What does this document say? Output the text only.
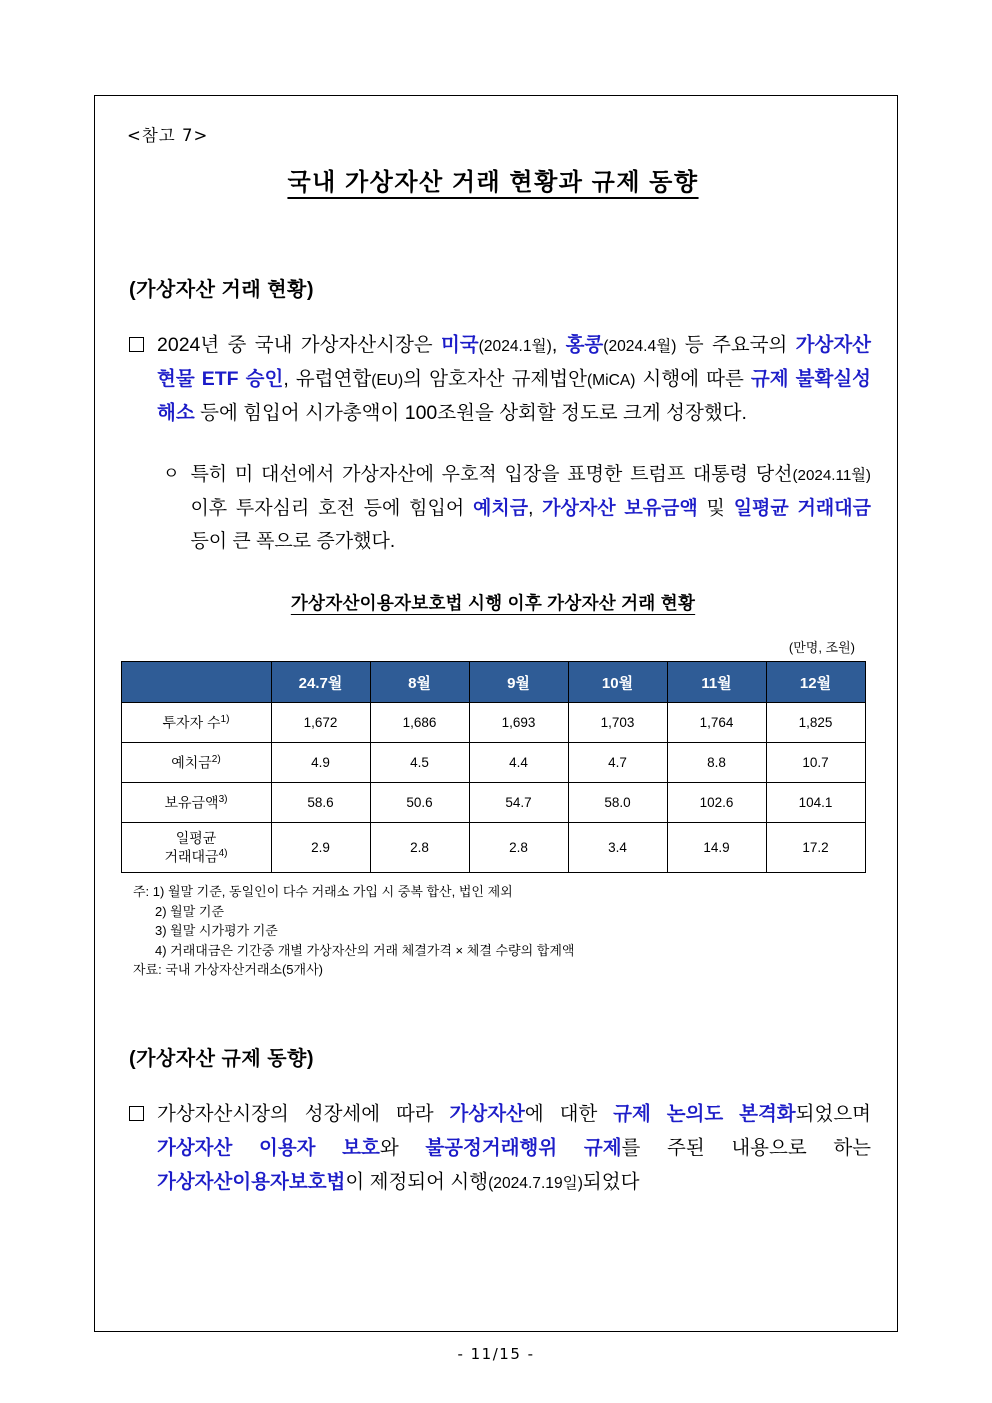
<참고 7>
국내 가상자산 거래 현황과 규제 동향
(가상자산 거래 현황)
2024년 중 국내 가상자산시장은 미국(2024.1월), 홍콩(2024.4월) 등 주요국의 가상자산 현물 ETF 승인, 유럽연합(EU)의 암호자산 규제법안(MiCA) 시행에 따른 규제 불확실성 해소 등에 힘입어 시가총액이 100조원을 상회할 정도로 크게 성장했다.
ㅇ 특히 미 대선에서 가상자산에 우호적 입장을 표명한 트럼프 대통령 당선(2024.11월) 이후 투자심리 호전 등에 힘입어 예치금, 가상자산 보유금액 및 일평균 거래대금 등이 큰 폭으로 증가했다.
가상자산이용자보호법 시행 이후 가상자산 거래 현황
(만명, 조원)
	24.7월	8월	9월	10월	11월	12월
투자자 수$^{1)}$	1,672	1,686	1,693	1,703	1,764	1,825
예치금$^{2)}$	4.9	4.5	4.4	4.7	8.8	10.7
보유금액$^{3)}$	58.6	50.6	54.7	58.0	102.6	104.1
일평균
거래대금$^{4)}$	2.9	2.8	2.8	3.4	14.9	17.2
주: 1) 월말 기준, 동일인이 다수 거래소 가입 시 중복 합산, 법인 제외
2) 월말 기준
3) 월말 시가평가 기준
4) 거래대금은 기간중 개별 가상자산의 거래 체결가격 × 체결 수량의 합계액
자료: 국내 가상자산거래소(5개사)
(가상자산 규제 동향)
가상자산시장의 성장세에 따라 가상자산에 대한 규제 논의도 본격화되었으며 가상자산 이용자 보호와 불공정거래행위 규제를 주된 내용으로 하는 가상자산이용자보호법이 제정되어 시행(2024.7.19일)되었다
- 11/15 -
